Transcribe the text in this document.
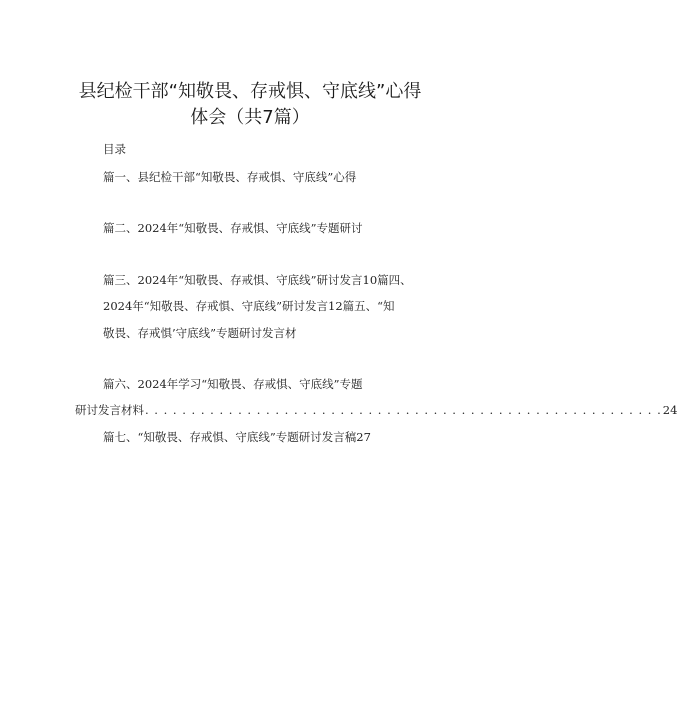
县纪检干部“知敬畏、存戒惧、守底线”心得
体会（共7篇）
目录
篇一、县纪检干部“知敬畏、存戒惧、守底线”心得
篇二、2024年“知敬畏、存戒惧、守底线”专题研讨
篇三、2024年“知敬畏、存戒惧、守底线”研讨发言10篇四、
2024年“知敬畏、存戒惧、守底线”研讨发言12篇五、“知
敬畏、存戒惧’守底线”专题研讨发言材
篇六、2024年学习“知敬畏、存戒惧、守底线”专题
研讨发言材料 . . . . . . . . . . . . . . . . . . . . . . . . . . . . . . . . . . . . . . . . . . . . . . . . . . . . . . . . 24
篇七、“知敬畏、存戒惧、守底线”专题研讨发言稿27
